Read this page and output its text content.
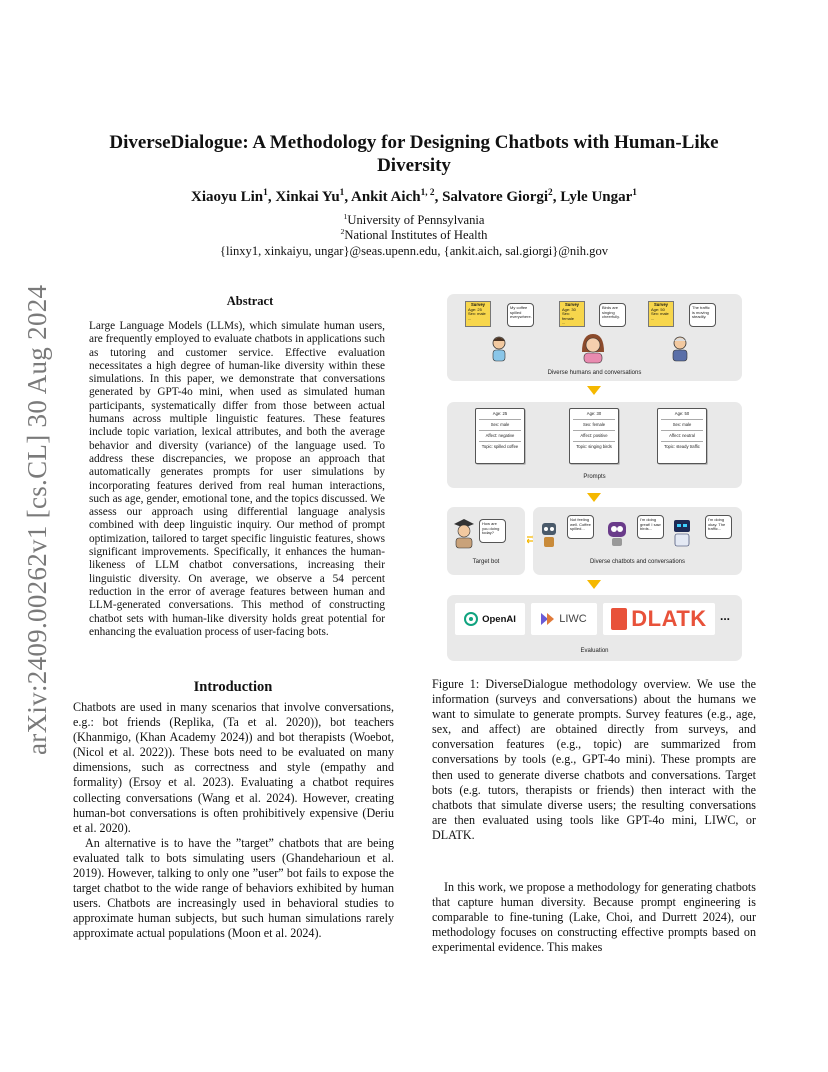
arXiv:2409.00262v1 [cs.CL] 30 Aug 2024
DiverseDialogue: A Methodology for Designing Chatbots with Human-Like Diversity
Xiaoyu Lin$^1$, Xinkai Yu$^1$, Ankit Aich$^{1, 2}$, Salvatore Giorgi$^2$, Lyle Ungar$^1$
$^1$University of Pennsylvania
$^2$National Institutes of Health
{linxy1, xinkaiyu, ungar}@seas.upenn.edu, {ankit.aich, sal.giorgi}@nih.gov
Abstract
Large Language Models (LLMs), which simulate human users, are frequently employed to evaluate chatbots in applications such as tutoring and customer service. Effective evaluation necessitates a high degree of human-like diversity within these simulations. In this paper, we demonstrate that conversations generated by GPT-4o mini, when used as simulated human participants, systematically differ from those between actual humans across multiple linguistic features. These features include topic variation, lexical attributes, and both the average behavior and diversity (variance) of the language used. To address these discrepancies, we propose an approach that automatically generates prompts for user simulations by incorporating features derived from real human interactions, such as age, gender, emotional tone, and the topics discussed. We assess our approach using differential language analysis combined with deep linguistic inquiry. Our method of prompt optimization, tailored to target specific linguistic features, shows significant improvements. Specifically, it enhances the human-likeness of LLM chatbot conversations, increasing their linguistic diversity. On average, we observe a 54 percent reduction in the error of average features between human and LLM-generated conversations. This method of constructing chatbot sets with human-like diversity holds great potential for enhancing the evaluation process of user-facing bots.
Introduction

Chatbots are used in many scenarios that involve conversations, e.g.: bot friends (Replika, (Ta et al. 2020)), bot teachers (Khanmigo, (Khan Academy 2024)) and bot therapists (Woebot, (Nicol et al. 2022)). These bots need to be evaluated on many dimensions, such as correctness and style (empathy and formality) (Ersoy et al. 2023). Evaluating a chatbot requires collecting conversations (Wang et al. 2024). However, creating human-bot conversations is often prohibitively expensive (Deriu et al. 2020).

An alternative is to have the ”target” chatbots that are being evaluated talk to bots simulating users (Ghandeharioun et al. 2019). However, talking to only one ”user” bot fails to expose the target chatbot to the wide range of behaviors exhibited by human users. Chatbots are increasingly used in behavioral studies to approximate human subjects, but such human simulations rarely approximate actual populations (Moon et al. 2024).

Survey
Age: 25
Sex: male
...
My coffee spilled everywhere.
Survey
Age: 30
Sex: female
...
Birds are singing cheerfully.
Survey
Age: 50
Sex: male
...
The traffic is moving steadily.
Diverse humans and conversations
Age: 25
Sex: male
Affect: negative
Topic: spilled coffee
Age: 30
Sex: female
Affect: positive
Topic: singing birds
Age: 50
Sex: male
Affect: neutral
Topic: steady traffic
Prompts
How are you doing today?
Target bot
Not feeling well. Coffee spilled...
I'm doing great! I saw birds...
I'm doing okay. The traffic...
Diverse chatbots and conversations
OpenAI	LIWC DLATK ...
Evaluation
Figure 1: DiverseDialogue methodology overview. We use the information (surveys and conversations) about the humans we want to simulate to generate prompts. Survey features (e.g., age, sex, and affect) are obtained directly from surveys, and conversation features (e.g., topic) are summarized from conversations by tools (e.g., GPT-4o mini). These prompts are then used to generate diverse chatbots and conversations. Target bots (e.g. tutors, therapists or friends) then interact with the chatbots that simulate diverse users; the resulting conversations are then evaluated using tools like GPT-4o mini, LIWC, or DLATK.
In this work, we propose a methodology for generating chatbots that capture human diversity. Because prompt engineering is comparable to fine-tuning (Lake, Choi, and Durrett 2024), our methodology focuses on constructing effective prompts based on experimental evidence. This makes
